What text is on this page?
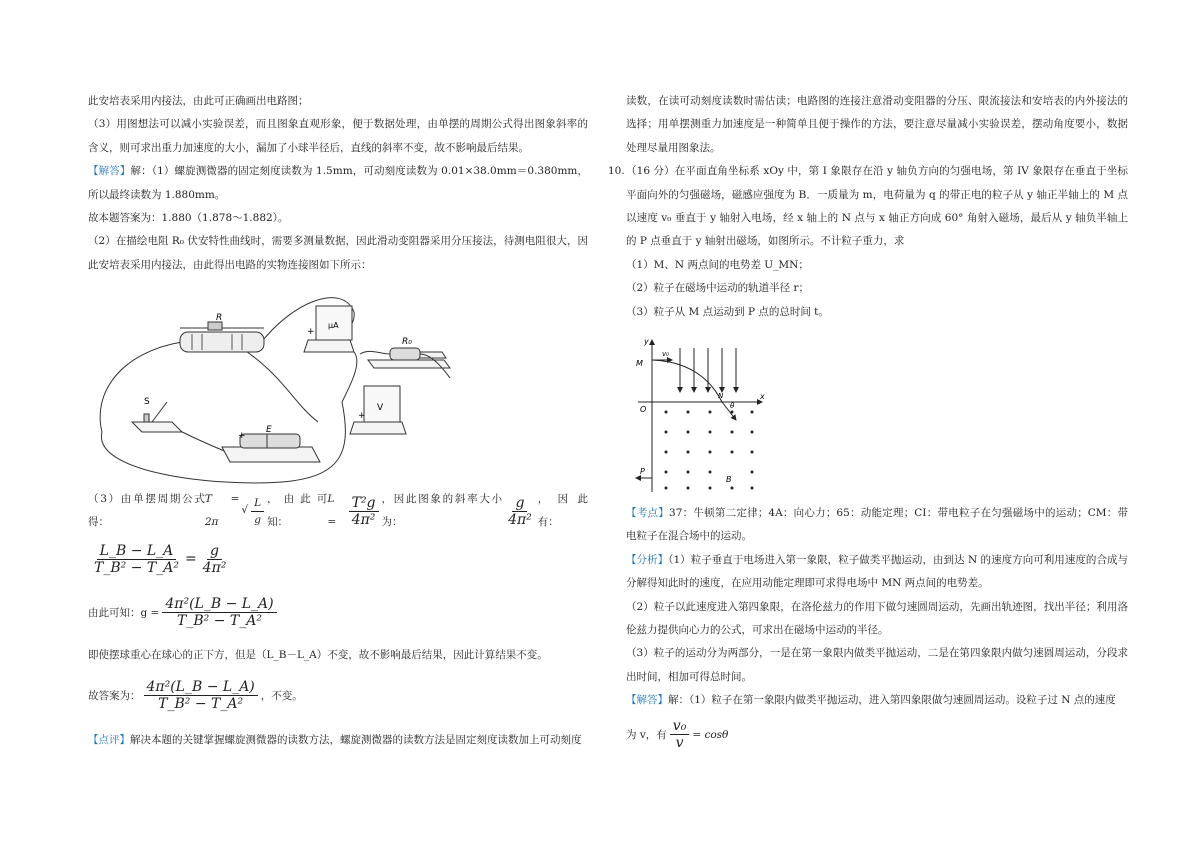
此安培表采用内接法，由此可正确画出电路图；

（3）用图想法可以减小实验误差，而且图象直观形象，便于数据处理，由单摆的周期公式得出图象斜率的含义，则可求出重力加速度的大小，漏加了小球半径后，直线的斜率不变，故不影响最后结果。

【解答】解：（1）螺旋测微器的固定刻度读数为 1.5mm，可动刻度读数为 0.01×38.0mm＝0.380mm，所以最终读数为 1.880mm。

故本题答案为：1.880（1.878～1.882）。

（2）在描绘电阻 R₀ 伏安特性曲线时，需要多测量数据，因此滑动变阻器采用分压接法，待测电阻很大，因此安培表采用内接法，由此得出电路的实物连接图如下所示：

R
S
E
+
μA
+
V
+
R₀
（3）由单摆周期公式得：
T = 2π
√ $\frac{L}{g}$ ，由此可知：
$L = \frac{\text{T²g}}{\text{4π²}}$ ，因此图象的斜率大小为：	$\frac{g}{\text{4π²}}$ ，因此有：
$\frac{L\_B - L\_A}{\text{T\_B² − T\_A²}} = \frac{g}{\text{4π²}}$
由此可知：$g = \frac{\text{4π²(L\_B − L\_A)}}{\text{T\_B² − T\_A²}}$

即使摆球重心在球心的正下方，但是（L_B－L_A）不变，故不影响最后结果，因此计算结果不变。

故答案为： $\frac{\text{4π²(L\_B − L\_A)}}{\text{T\_B² − T\_A²}}$ ，不变。

【点评】解决本题的关键掌握螺旋测微器的读数方法，螺旋测微器的读数方法是固定刻度读数加上可动刻度

读数，在读可动刻度读数时需估读；电路图的连接注意滑动变阻器的分压、限流接法和安培表的内外接法的选择；用单摆测重力加速度是一种简单且便于操作的方法，要注意尽量减小实验误差，摆动角度要小，数据处理尽量用图象法。

10. （16 分）在平面直角坐标系 xOy 中，第 I 象限存在沿 y 轴负方向的匀强电场，第 IV 象限存在垂直于坐标平面向外的匀强磁场，磁感应强度为 B．一质量为 m，电荷量为 q 的带正电的粒子从 y 轴正半轴上的 M 点以速度 v₀ 垂直于 y 轴射入电场，经 x 轴上的 N 点与 x 轴正方向成 60° 角射入磁场，最后从 y 轴负半轴上的 P 点垂直于 y 轴射出磁场，如图所示。不计粒子重力，求

（1）M、N 两点间的电势差 U_MN；

（2）粒子在磁场中运动的轨道半径 r；

（3）粒子从 M 点运动到 P 点的总时间 t。

y
x
O
M
P
v₀
N
θ
B

【考点】37：牛顿第二定律；4A：向心力；65：动能定理；CI：带电粒子在匀强磁场中的运动；CM：带电粒子在混合场中的运动。

【分析】（1）粒子垂直于电场进入第一象限，粒子做类平抛运动，由到达 N 的速度方向可利用速度的合成与分解得知此时的速度，在应用动能定理即可求得电场中 MN 两点间的电势差。

（2）粒子以此速度进入第四象限，在洛伦兹力的作用下做匀速圆周运动，先画出轨迹图，找出半径；利用洛伦兹力提供向心力的公式，可求出在磁场中运动的半径。

（3）粒子的运动分为两部分，一是在第一象限内做类平抛运动，二是在第四象限内做匀速圆周运动，分段求出时间，相加可得总时间。

【解答】解：（1）粒子在第一象限内做类平抛运动，进入第四象限做匀速圆周运动。设粒子过 N 点的速度

为 v，有 $\frac{\text{v₀}}{v} = \cos\theta$
